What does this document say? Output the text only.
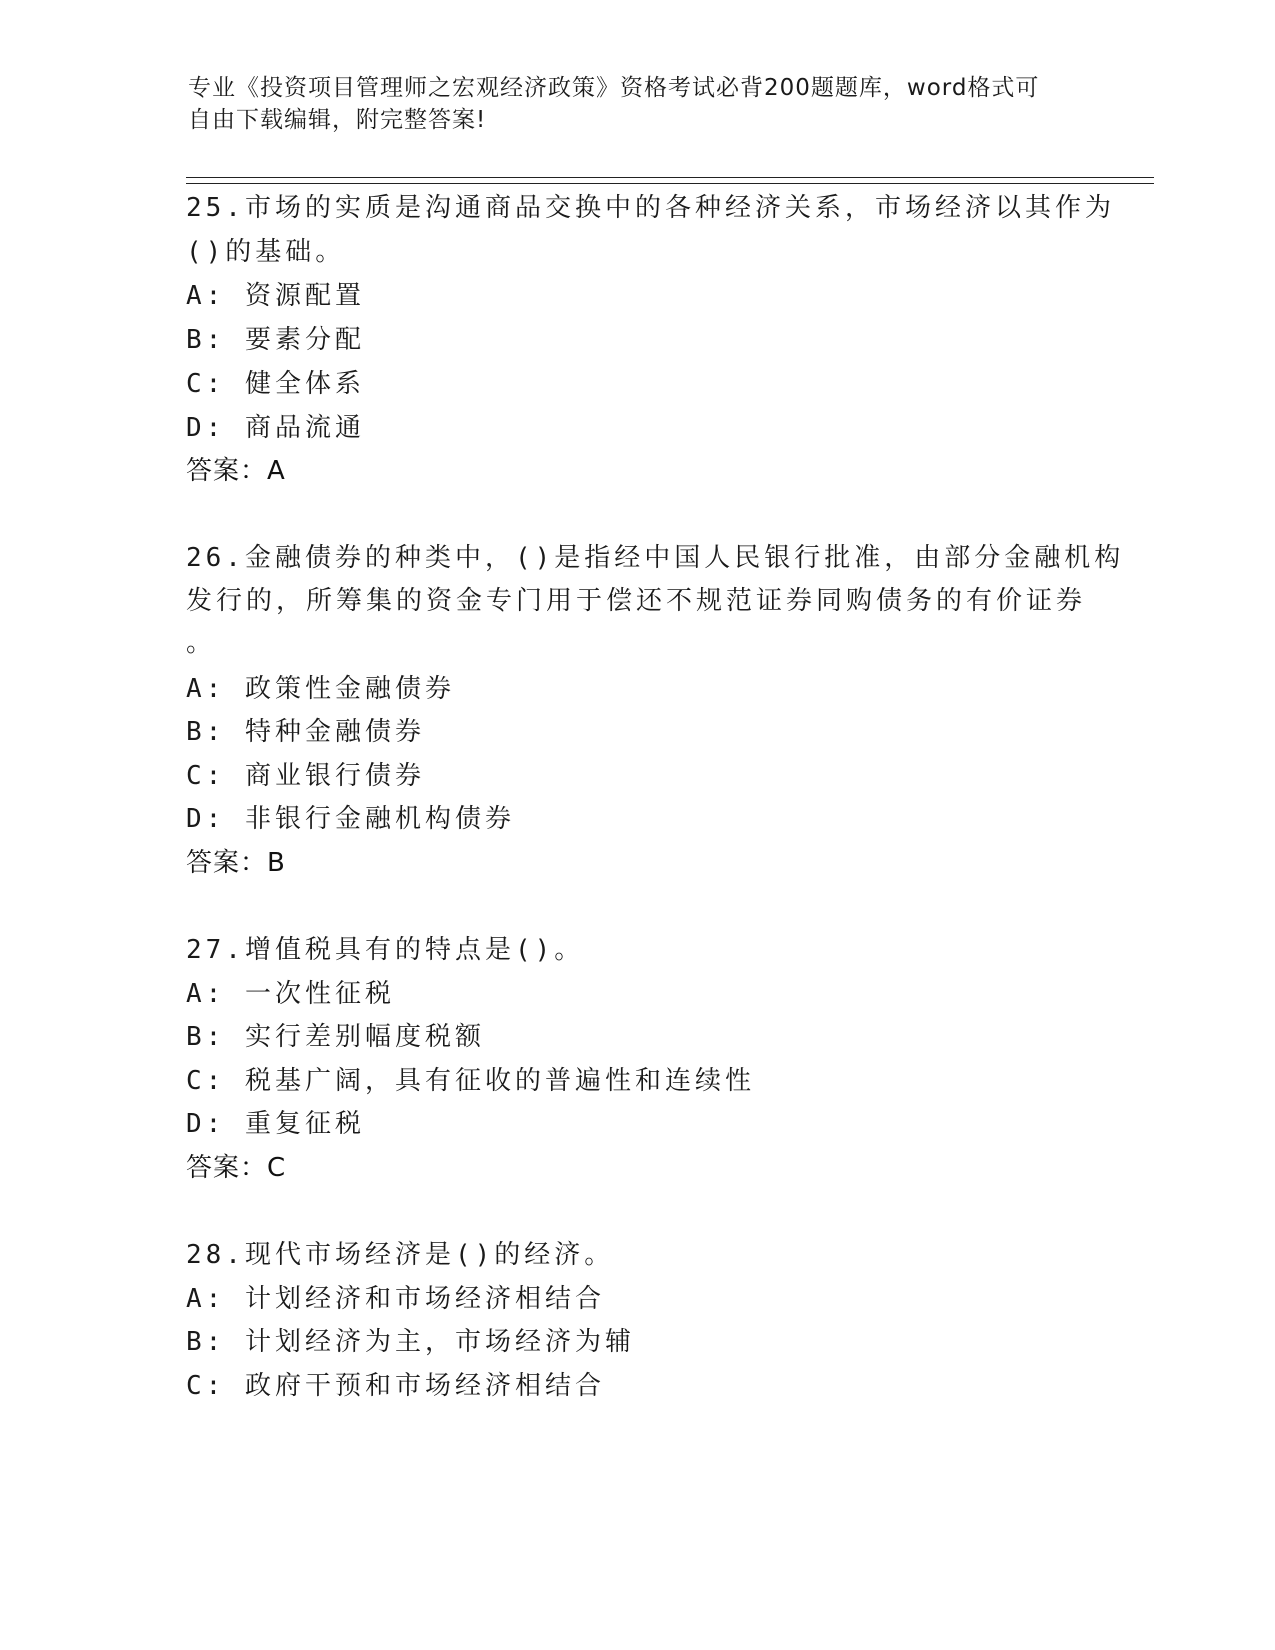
专业《投资项目管理师之宏观经济政策》资格考试必背200题题库，word格式可
自由下载编辑，附完整答案!
25.市场的实质是沟通商品交换中的各种经济关系，市场经济以其作为
()的基础。
A: 资源配置
B: 要素分配
C: 健全体系
D: 商品流通
答案：A
26.金融债券的种类中，()是指经中国人民银行批准，由部分金融机构
发行的，所筹集的资金专门用于偿还不规范证券同购债务的有价证券
。
A: 政策性金融债券
B: 特种金融债券
C: 商业银行债券
D: 非银行金融机构债券
答案：B
27.增值税具有的特点是()。
A: 一次性征税
B: 实行差别幅度税额
C: 税基广阔，具有征收的普遍性和连续性
D: 重复征税
答案：C
28.现代市场经济是()的经济。
A: 计划经济和市场经济相结合
B: 计划经济为主，市场经济为辅
C: 政府干预和市场经济相结合
